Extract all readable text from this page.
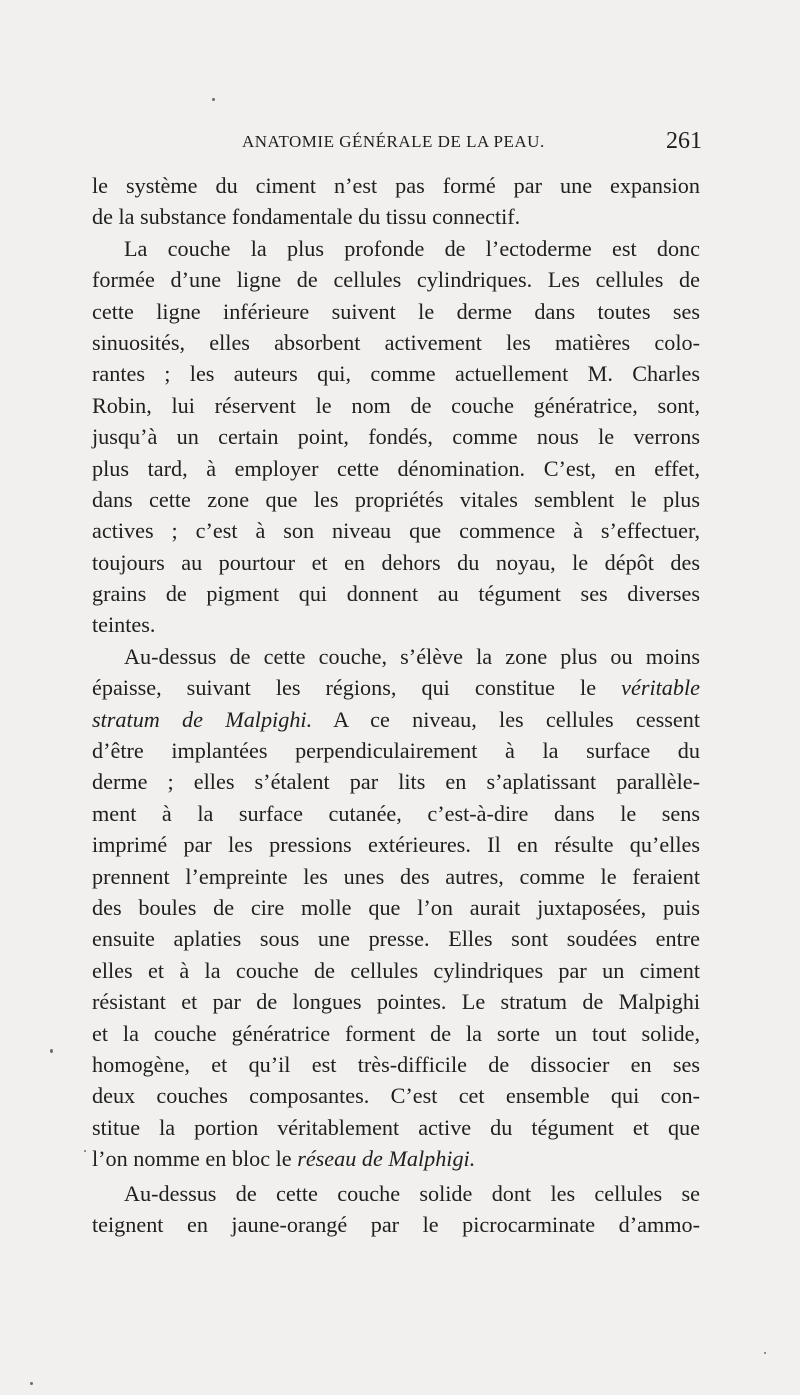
ANATOMIE GÉNÉRALE DE LA PEAU.	261
le système du ciment n’est pas formé par une expansion
de la substance fondamentale du tissu connectif.
La couche la plus profonde de l’ectoderme est donc
formée d’une ligne de cellules cylindriques. Les cellules de
cette ligne inférieure suivent le derme dans toutes ses
sinuosités, elles absorbent activement les matières colo-
rantes ; les auteurs qui, comme actuellement M. Charles
Robin, lui réservent le nom de couche génératrice, sont,
jusqu’à un certain point, fondés, comme nous le verrons
plus tard, à employer cette dénomination. C’est, en effet,
dans cette zone que les propriétés vitales semblent le plus
actives ; c’est à son niveau que commence à s’effectuer,
toujours au pourtour et en dehors du noyau, le dépôt des
grains de pigment qui donnent au tégument ses diverses
teintes.
Au-dessus de cette couche, s’élève la zone plus ou moins
épaisse, suivant les régions, qui constitue le véritable
stratum de Malpighi. A ce niveau, les cellules cessent
d’être implantées perpendiculairement à la surface du
derme ; elles s’étalent par lits en s’aplatissant parallèle-
ment à la surface cutanée, c’est-à-dire dans le sens
imprimé par les pressions extérieures. Il en résulte qu’elles
prennent l’empreinte les unes des autres, comme le feraient
des boules de cire molle que l’on aurait juxtaposées, puis
ensuite aplaties sous une presse. Elles sont soudées entre
elles et à la couche de cellules cylindriques par un ciment
résistant et par de longues pointes. Le stratum de Malpighi
et la couche génératrice forment de la sorte un tout solide,
homogène, et qu’il est très-difficile de dissocier en ses
deux couches composantes. C’est cet ensemble qui con-
stitue la portion véritablement active du tégument et que
l’on nomme en bloc le réseau de Malphigi.
Au-dessus de cette couche solide dont les cellules se
teignent en jaune-orangé par le picrocarminate d’ammo-
